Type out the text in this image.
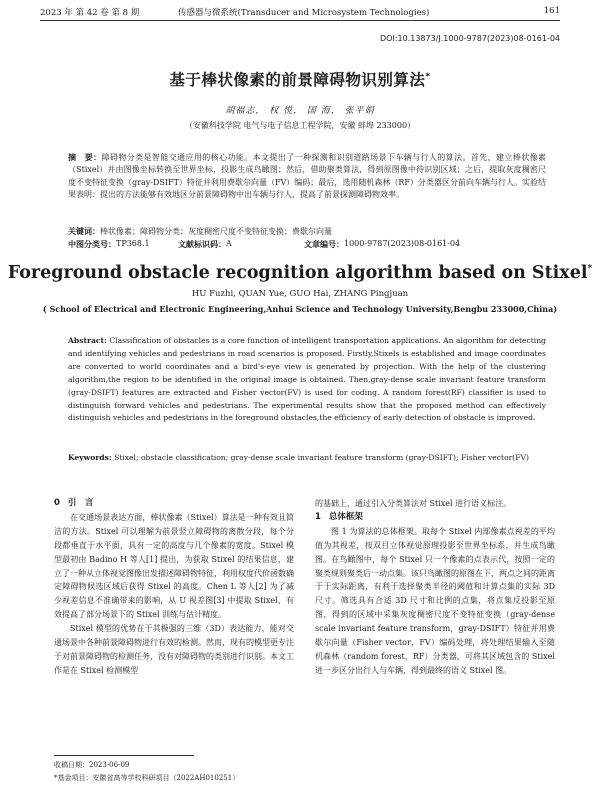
2023 年 第 42 卷 第 8 期	传感器与微系统(Transducer and Microsystem Technologies)	161
DOI:10.13873/J.1000-9787(2023)08-0161-04
基于棒状像素的前景障碍物识别算法*
胡福志， 权 悦， 国 海， 张平娟
（安徽科技学院 电气与电子信息工程学院，安徽 蚌埠 233000）
摘　要：障碍物分类是智能交通应用的核心功能。本文提出了一种探测和识别道路场景下车辆与行人的算法。首先，建立棒状像素（Stixel）并由图像坐标转换至世界坐标，投影生成鸟瞰图；然后，借助聚类算法，得到原图像中待识别区域；之后，提取灰度稠密尺度不变特征变换（gray-DSIFT）特征并利用费歇尔向量（FV）编码；最后，选用随机森林（RF）分类器区分前向车辆与行人。实验结果表明：提出的方法能够有效地区分前景障碍物中出车辆与行人，提高了前景探测障碍物效率。
关键词：棒状像素；障碍物分类；灰度稠密尺度不变特征变换；费歇尔向量
中图分类号： TP368.1	文献标识码： A	文章编号： 1000-9787(2023)08-0161-04
Foreground obstacle recognition algorithm based on Stixel*
HU Fuzhi, QUAN Yue, GUO Hai, ZHANG Pingjuan
( School of Electrical and Electronic Engineering,Anhui Science and Technology University,Bengbu 233000,China)
Abstract: Classification of obstacles is a core function of intelligent transportation applications. An algorithm for detecting and identifying vehicles and pedestrians in road scenarios is proposed. Firstly,Stixels is established and image coordinates are converted to world coordinates and a bird's-eye view is generated by projection. With the help of the clustering algorithm,the region to be identified in the original image is obtained. Then,gray-dense scale invariant feature transform (gray-DSIFT) features are extracted and Fisher vector(FV) is used for coding. A random forest(RF) classifier is used to distinguish forward vehicles and pedestrians. The experimental results show that the proposed method can effectively distinguish vehicles and pedestrians in the foreground obstacles,the efficiency of early detection of obstacle is improved.
Keywords: Stixel; obstacle classification; gray-dense scale invariant feature transform (gray-DSIFT); Fisher vector(FV)
0 引　言
在交通场景表达方面，棒状像素（Stixel）算法是一种有效且简洁的方法。Stixel 可以理解为前景竖立障碍物的离散分段，每个分段都垂直于水平面，具有一定的高度与几个像素的宽度。Stixel 模型最初由 Badino H 等人[1] 提出，为获取 Stixel 的结果信息，建立了一种从立体视觉图像出发描述障碍物特征，利用权度代价函数确定障碍物候选区域后获得 Stixel 的高度。Chen L 等人[2] 为了减少视差信息不准确带来的影响，从 U 视差图[3] 中提取 Stixel，有效提高了部分场景下的 Stixel 训练与估计精度。
Stixel 模型的优势在于其极强的三维（3D）表达能力，能对交通场景中各种前景障碍物进行有效的检测。然而，现有的模型更专注于对前景障碍物的检测任务，没有对障碍物的类别进行识别。本文工作是在 Stixel 检测模型
的基础上，通过引入分类算法对 Stixel 进行语义标注。
1 总体框架
图 1 为算法的总体框架。取每个 Stixel 内部像素点视差的平均值为其视差，按双目立体视觉原理投影至世界坐标系，并生成鸟瞰图。在鸟瞰图中，每个 Stixel 只一个像素的点表示代，按照一定的聚类规则聚类后一动点集。该只鸟瞰图的原图在下，两点之间的距离于于实际距离，有利于选择聚类半径的阈值和计算点集的实际 3D 尺寸。筛选具有合适 3D 尺寸和比例的点集，将点集反投影至原图，得到的区域中采集灰度稠密尺度不变特征变换（gray-dense scale invariant feature transform，gray-DSIFT）特征并用费歇尔向量（Fisher vector，FV）编码处理，将处理结果输入至随机森林（random forest，RF）分类器，可将其区域包含的 Stixel 进一步区分出行人与车辆，得到最终的语义 Stixel 图。
收稿日期：2023-06-09
*基金项目：安徽省高等学校科研项目（2022AH010251）
